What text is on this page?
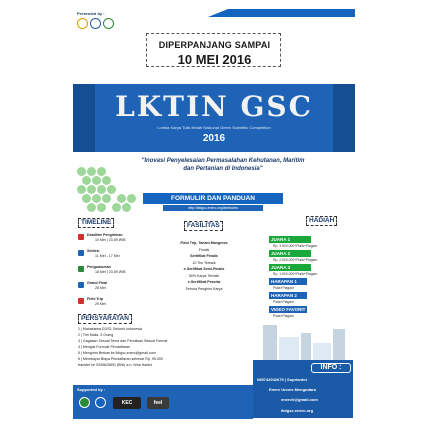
Presented by :
DIPERPANJANG SAMPAI
10 MEI 2016
LKTIN GSC
Lomba Karya Tulis Ilmiah Nasional Green Scientific Competition
2016
"Inovasi Penyelesaian Permasalahan Kehutanan, Maritim
dan Pertanian di Indonesia"
FORMULIR DAN PANDUAN
http://lktigsc.enerc.org/attributes
TIMELINE
Deadline Pengiriman
10 Mei | 23.59 WIB
Seleksi
11 Mei - 17 Mei
Pengumuman
18 Mei | 23.59 WIB
Grand Final
28 Mei
Field Trip
29 Mei
FASILITAS
Field Trip, Tanam Mangrove
Finalis
Sertifikat Finalis
10 Tim Terbaik
e-Sertifikat Semi-Finalis
50% Karya Terbaik
e-Sertifikat Peserta
Semua Pengirim Karya
HADIAH
JUARA 1
Rp. 3.500.000+Piala+Piagam
JUARA 2
Rp. 2.500.000+Piala+Piagam
JUARA 3
Rp. 1.500.000+Piala+Piagam
HARAPAN 1
Piala+Piagam
HARAPAN 2
Piala+Piagam
VIDEO FAVORIT
Piala+Piagam
PERSYARATAN
1 | Mahasiswa D3/S1 Seluruh Indonesia
2 | Tim Maks. 3 Orang
3 | Gagasan Sesuai Tema dan Penulisan Sesuai Format
4 | Mengisi Formulir Pendaftaran
5 | Mengirim Berkas ke lktigsc.enerc@gmail.com
6 | Membayar Biaya Pendaftaran sebesar Rp. 90.000
transfer ke 0349625891 (BNI) a.n. Nina Hartini
Supported by :
KEC	feel
INFO :
085742032679 | Supriantoi
Enerc Unnes Mengudara
enerch@gmail.com
lktigsc.enerc.org
